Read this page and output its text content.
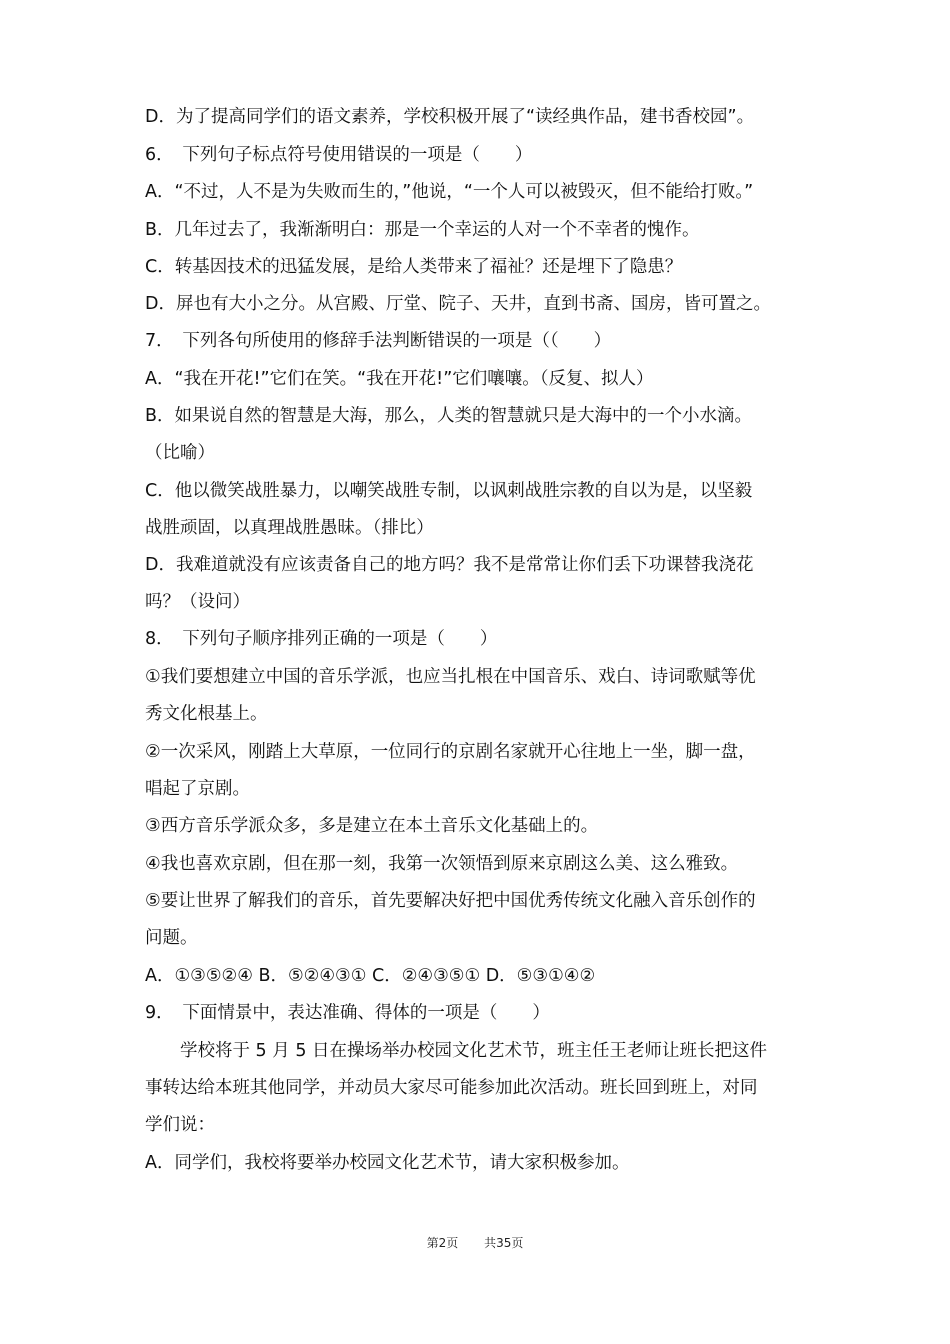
D．为了提高同学们的语文素养，学校积极开展了“读经典作品，建书香校园”。
6．　下列句子标点符号使用错误的一项是（　　）
A．“不过，人不是为失败而生的，”他说，“一个人可以被毁灭，但不能给打败。”
B．几年过去了，我渐渐明白：那是一个幸运的人对一个不幸者的愧作。
C．转基因技术的迅猛发展，是给人类带来了福祉？还是埋下了隐患？
D．屏也有大小之分。从宫殿、厅堂、院子、天井，直到书斋、国房，皆可置之。
7．　下列各句所使用的修辞手法判断错误的一项是（（　　）
A．“我在开花!”它们在笑。“我在开花!”它们嚷嚷。（反复、拟人）
B．如果说自然的智慧是大海，那么，人类的智慧就只是大海中的一个小水滴。
（比喻）
C．他以微笑战胜暴力，以嘲笑战胜专制，以讽刺战胜宗教的自以为是，以坚毅
战胜顽固，以真理战胜愚昧。（排比）
D．我难道就没有应该责备自己的地方吗？我不是常常让你们丢下功课替我浇花
吗？（设问）
8．　下列句子顺序排列正确的一项是（　　）
①我们要想建立中国的音乐学派，也应当扎根在中国音乐、戏白、诗词歌赋等优
秀文化根基上。
②一次采风，刚踏上大草原，一位同行的京剧名家就开心往地上一坐，脚一盘，
唱起了京剧。
③西方音乐学派众多，多是建立在本土音乐文化基础上的。
④我也喜欢京剧，但在那一刻，我第一次领悟到原来京剧这么美、这么雅致。
⑤要让世界了解我们的音乐，首先要解决好把中国优秀传统文化融入音乐创作的
问题。
A．①③⑤②④ B．⑤②④③① C．②④③⑤① D．⑤③①④②
9．　下面情景中，表达准确、得体的一项是（　　）
学校将于 5 月 5 日在操场举办校园文化艺术节，班主任王老师让班长把这件
事转达给本班其他同学，并动员大家尽可能参加此次活动。班长回到班上，对同
学们说：
A．同学们，我校将要举办校园文化艺术节，请大家积极参加。
第2页 共35页
